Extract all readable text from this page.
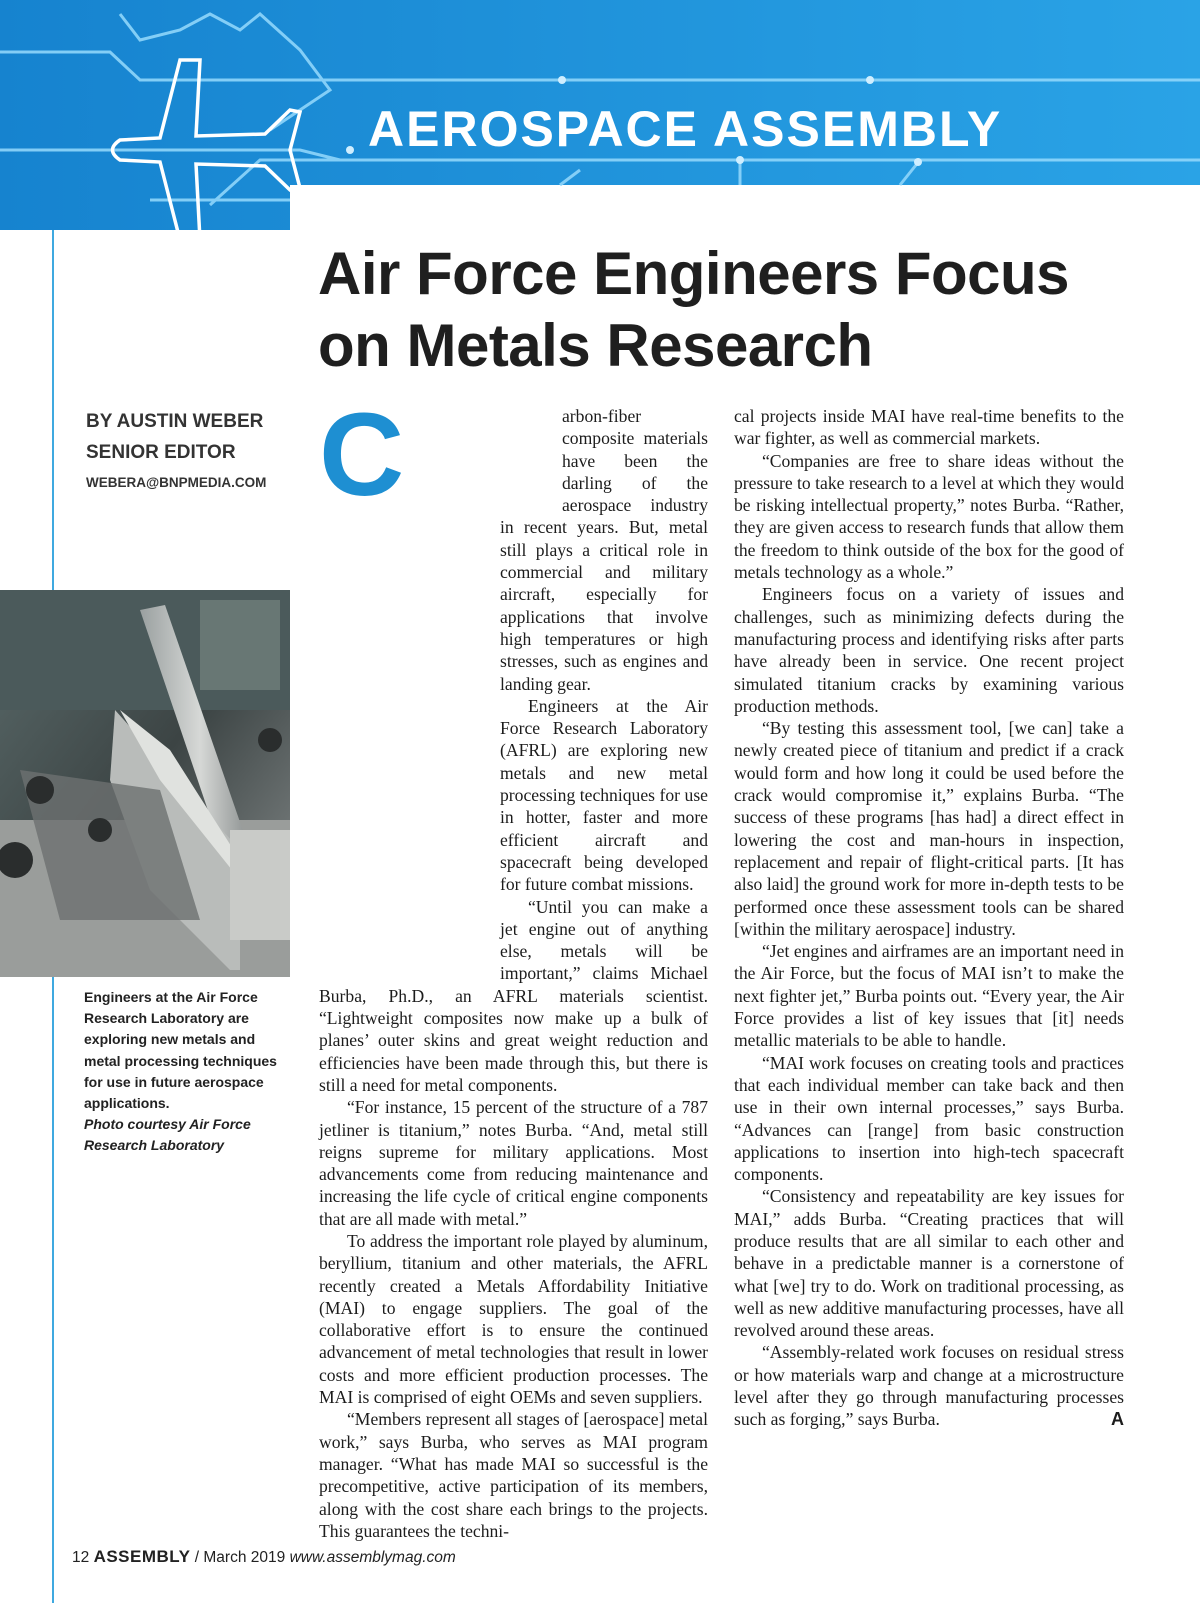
AEROSPACE ASSEMBLY
Air Force Engineers Focus
on Metals Research
BY AUSTIN WEBER
SENIOR EDITOR
WEBERA@BNPMEDIA.COM
Engineers at the Air Force Research Laboratory are exploring new metals and metal processing techniques for use in future aerospace applications.
Photo courtesy Air Force Research Laboratory
C	arbon-fiber composite materials have been the darling of the aerospace industry in recent years. But, metal still plays a critical role in commercial and military aircraft, especially for applications that involve high temperatures or high stresses, such as engines and landing gear.

Engineers at the Air Force Research Laboratory (AFRL) are exploring new metals and new metal processing techniques for use in hotter, faster and more efficient aircraft and spacecraft being developed for future combat missions.

“Until you can make a jet engine out of anything else, metals will be important,” claims Michael Burba, Ph.D., an AFRL materials scientist. “Lightweight composites now make up a bulk of planes’ outer skins and great weight reduction and efficiencies have been made through this, but there is still a need for metal components.

“For instance, 15 percent of the structure of a 787 jetliner is titanium,” notes Burba. “And, metal still reigns supreme for military applications. Most advancements come from reducing maintenance and increasing the life cycle of critical engine components that are all made with metal.”

To address the important role played by aluminum, beryllium, titanium and other materials, the AFRL recently created a Metals Affordability Initiative (MAI) to engage suppliers. The goal of the collaborative effort is to ensure the continued advancement of metal technologies that result in lower costs and more efficient production processes. The MAI is comprised of eight OEMs and seven suppliers.

“Members represent all stages of [aerospace] metal work,” says Burba, who serves as MAI program manager. “What has made MAI so successful is the precompetitive, active participation of its members, along with the cost share each brings to the projects. This guarantees the techni-

cal projects inside MAI have real-time benefits to the war fighter, as well as commercial markets.

“Companies are free to share ideas without the pressure to take research to a level at which they would be risking intellectual property,” notes Burba. “Rather, they are given access to research funds that allow them the freedom to think outside of the box for the good of metals technology as a whole.”

Engineers focus on a variety of issues and challenges, such as minimizing defects during the manufacturing process and identifying risks after parts have already been in service. One recent project simulated titanium cracks by examining various production methods.

“By testing this assessment tool, [we can] take a newly created piece of titanium and predict if a crack would form and how long it could be used before the crack would compromise it,” explains Burba. “The success of these programs [has had] a direct effect in lowering the cost and man-hours in inspection, replacement and repair of flight-critical parts. [It has also laid] the ground work for more in-depth tests to be performed once these assessment tools can be shared [within the military aerospace] industry.

“Jet engines and airframes are an important need in the Air Force, but the focus of MAI isn’t to make the next fighter jet,” Burba points out. “Every year, the Air Force provides a list of key issues that [it] needs metallic materials to be able to handle.

“MAI work focuses on creating tools and practices that each individual member can take back and then use in their own internal processes,” says Burba. “Advances can [range] from basic construction applications to insertion into high-tech spacecraft components.

“Consistency and repeatability are key issues for MAI,” adds Burba. “Creating practices that will produce results that are all similar to each other and behave in a predictable manner is a cornerstone of what [we] try to do. Work on traditional processing, as well as new additive manufacturing processes, have all revolved around these areas.

“Assembly-related work focuses on residual stress or how materials warp and change at a microstructure level after they go through manufacturing processes such as forging,” says Burba.	A

12 ASSEMBLY / March 2019 www.assemblymag.com
